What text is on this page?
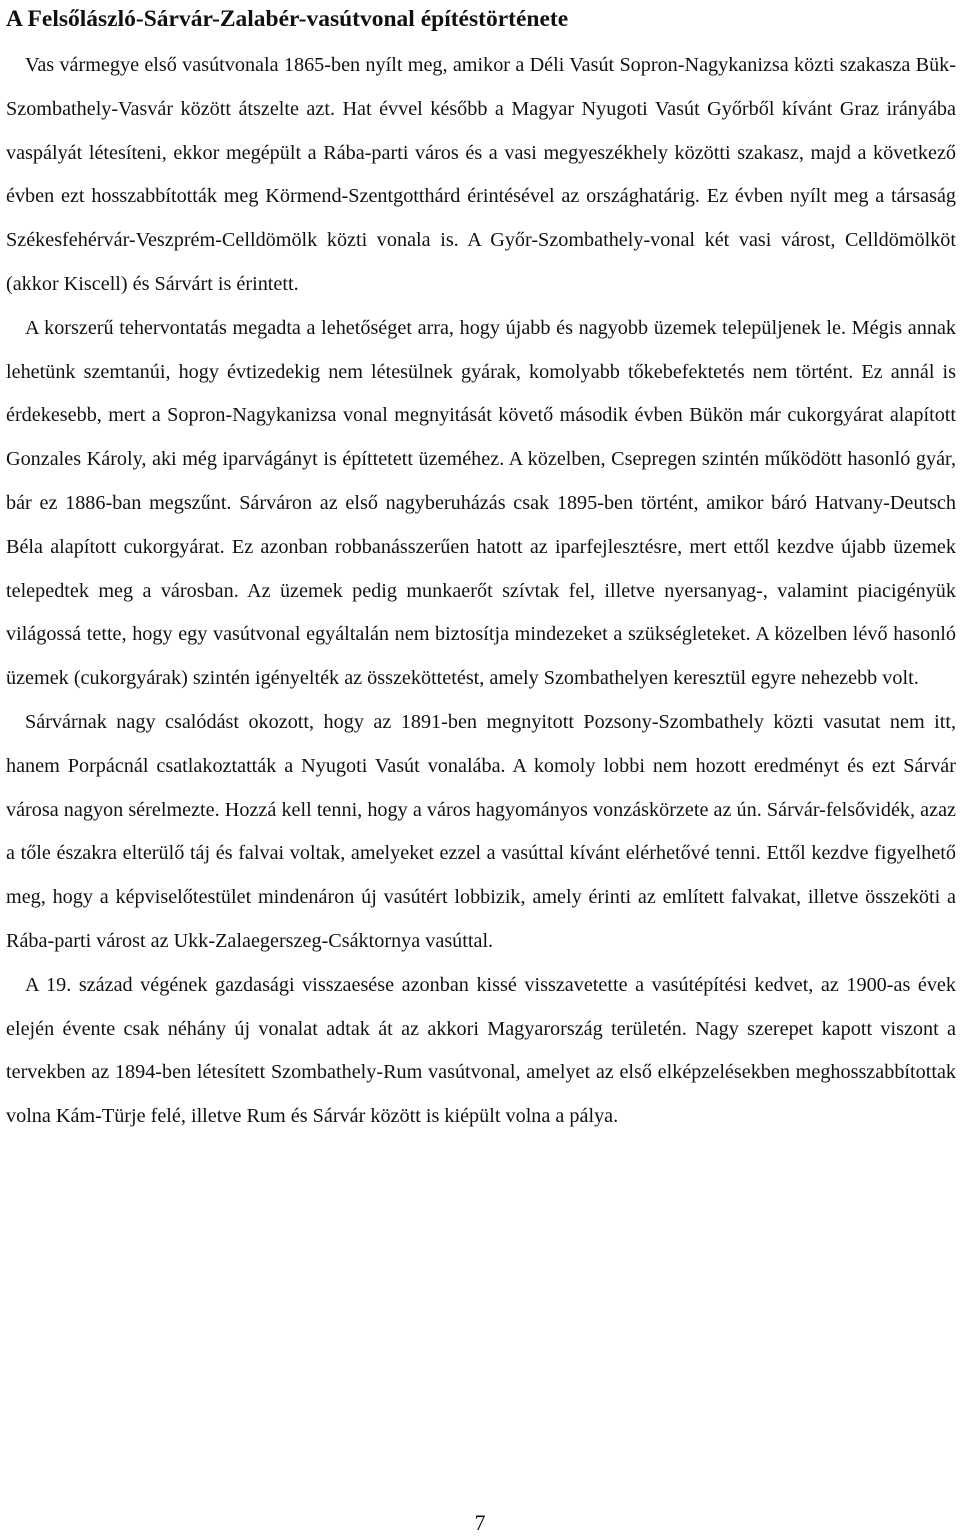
A Felsőlászló-Sárvár-Zalabér-vasútvonal építéstörténete

Vas vármegye első vasútvonala 1865-ben nyílt meg, amikor a Déli Vasút Sopron-Nagykanizsa közti szakasza Bük-Szombathely-Vasvár között átszelte azt. Hat évvel később a Magyar Nyugoti Vasút Győrből kívánt Graz irányába vaspályát létesíteni, ekkor megépült a Rába-parti város és a vasi megyeszékhely közötti szakasz, majd a következő évben ezt hosszabbították meg Körmend-Szentgotthárd érintésével az országhatárig. Ez évben nyílt meg a társaság Székesfehérvár-Veszprém-Celldömölk közti vonala is. A Győr-Szombathely-vonal két vasi várost, Celldömölköt (akkor Kiscell) és Sárvárt is érintett.

A korszerű tehervontatás megadta a lehetőséget arra, hogy újabb és nagyobb üzemek települjenek le. Mégis annak lehetünk szemtanúi, hogy évtizedekig nem létesülnek gyárak, komolyabb tőkebefektetés nem történt. Ez annál is érdekesebb, mert a Sopron-Nagykanizsa vonal megnyitását követő második évben Bükön már cukorgyárat alapított Gonzales Károly, aki még iparvágányt is építtetett üzeméhez. A közelben, Csepregen szintén működött hasonló gyár, bár ez 1886-ban megszűnt. Sárváron az első nagyberuházás csak 1895-ben történt, amikor báró Hatvany-Deutsch Béla alapított cukorgyárat. Ez azonban robbanásszerűen hatott az iparfejlesztésre, mert ettől kezdve újabb üzemek telepedtek meg a városban. Az üzemek pedig munkaerőt szívtak fel, illetve nyersanyag-, valamint piacigényük világossá tette, hogy egy vasútvonal egyáltalán nem biztosítja mindezeket a szükségleteket. A közelben lévő hasonló üzemek (cukorgyárak) szintén igényelték az összeköttetést, amely Szombathelyen keresztül egyre nehezebb volt.

Sárvárnak nagy csalódást okozott, hogy az 1891-ben megnyitott Pozsony-Szombathely közti vasutat nem itt, hanem Porpácnál csatlakoztatták a Nyugoti Vasút vonalába. A komoly lobbi nem hozott eredményt és ezt Sárvár városa nagyon sérelmezte. Hozzá kell tenni, hogy a város hagyományos vonzáskörzete az ún. Sárvár-felsővidék, azaz a tőle északra elterülő táj és falvai voltak, amelyeket ezzel a vasúttal kívánt elérhetővé tenni. Ettől kezdve figyelhető meg, hogy a képviselőtestület mindenáron új vasútért lobbizik, amely érinti az említett falvakat, illetve összeköti a Rába-parti várost az Ukk-Zalaegerszeg-Csáktornya vasúttal.

A 19. század végének gazdasági visszaesése azonban kissé visszavetette a vasútépítési kedvet, az 1900-as évek elején évente csak néhány új vonalat adtak át az akkori Magyarország területén. Nagy szerepet kapott viszont a tervekben az 1894-ben létesített Szombathely-Rum vasútvonal, amelyet az első elképzelésekben meghosszabbítottak volna Kám-Türje felé, illetve Rum és Sárvár között is kiépült volna a pálya.

7
